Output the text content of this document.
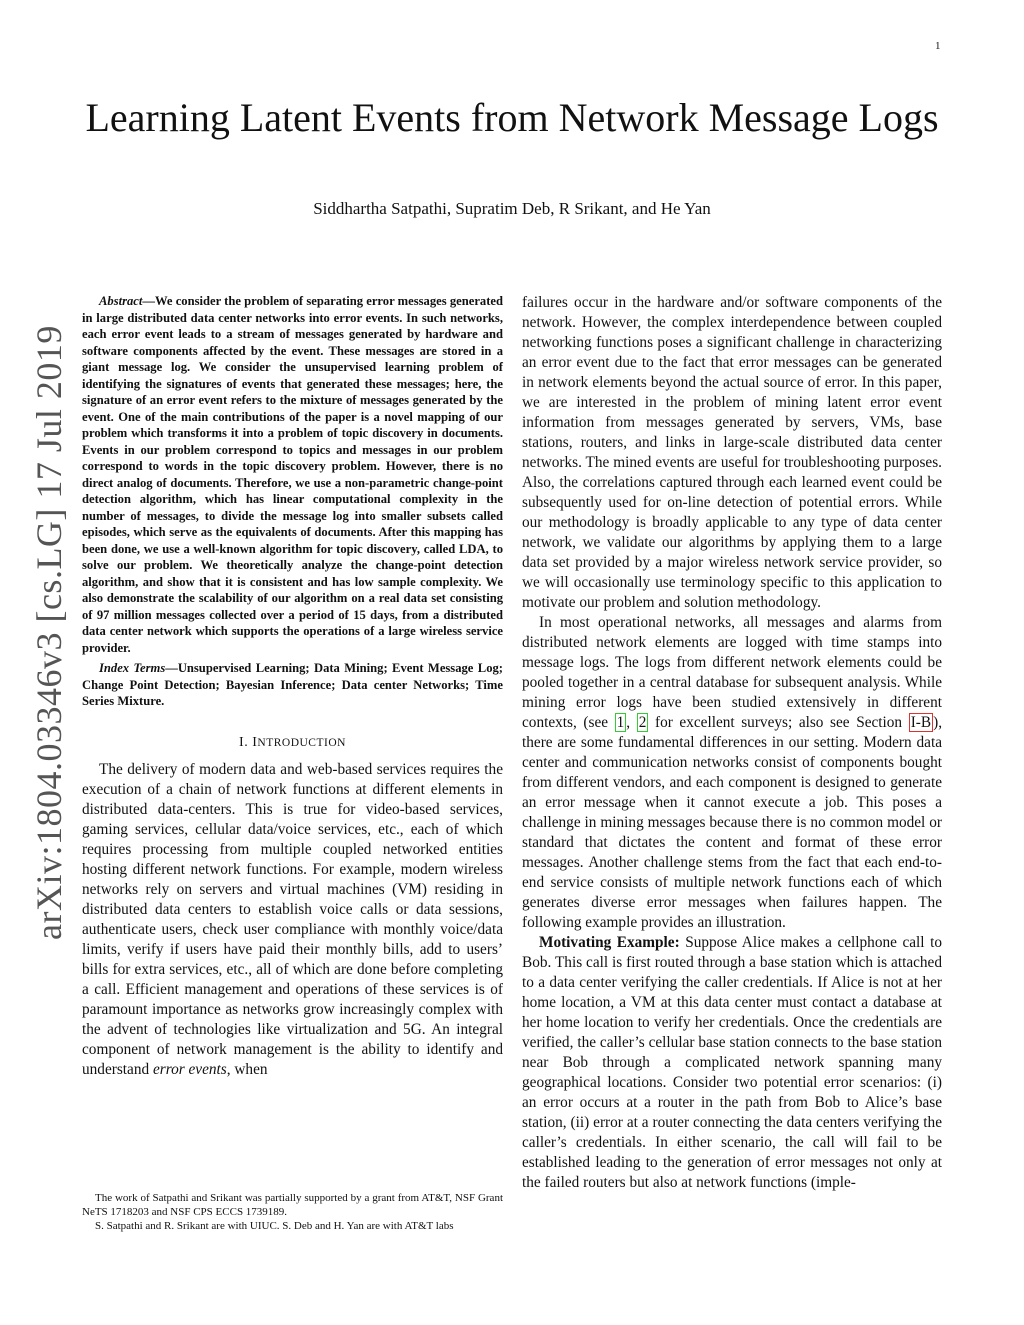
1
arXiv:1804.03346v3 [cs.LG] 17 Jul 2019
Learning Latent Events from Network Message Logs
Siddhartha Satpathi, Supratim Deb, R Srikant, and He Yan

Abstract—We consider the problem of separating error messages generated in large distributed data center networks into error events. In such networks, each error event leads to a stream of messages generated by hardware and software components affected by the event. These messages are stored in a giant message log. We consider the unsupervised learning problem of identifying the signatures of events that generated these messages; here, the signature of an error event refers to the mixture of messages generated by the event. One of the main contributions of the paper is a novel mapping of our problem which transforms it into a problem of topic discovery in documents. Events in our problem correspond to topics and messages in our problem correspond to words in the topic discovery problem. However, there is no direct analog of documents. Therefore, we use a non-parametric change-point detection algorithm, which has linear computational complexity in the number of messages, to divide the message log into smaller subsets called episodes, which serve as the equivalents of documents. After this mapping has been done, we use a well-known algorithm for topic discovery, called LDA, to solve our problem. We theoretically analyze the change-point detection algorithm, and show that it is consistent and has low sample complexity. We also demonstrate the scalability of our algorithm on a real data set consisting of 97 million messages collected over a period of 15 days, from a distributed data center network which supports the operations of a large wireless service provider.

Index Terms—Unsupervised Learning; Data Mining; Event Message Log; Change Point Detection; Bayesian Inference; Data center Networks; Time Series Mixture.

I. INTRODUCTION

The delivery of modern data and web-based services requires the execution of a chain of network functions at different elements in distributed data-centers. This is true for video-based services, gaming services, cellular data/voice services, etc., each of which requires processing from multiple coupled networked entities hosting different network functions. For example, modern wireless networks rely on servers and virtual machines (VM) residing in distributed data centers to establish voice calls or data sessions, authenticate users, check user compliance with monthly voice/data limits, verify if users have paid their monthly bills, add to users’ bills for extra services, etc., all of which are done before completing a call. Efficient management and operations of these services is of paramount importance as networks grow increasingly complex with the advent of technologies like virtualization and 5G. An integral component of network management is the ability to identify and understand error events, when

The work of Satpathi and Srikant was partially supported by a grant from AT&T, NSF Grant NeTS 1718203 and NSF CPS ECCS 1739189.

S. Satpathi and R. Srikant are with UIUC. S. Deb and H. Yan are with AT&T labs

failures occur in the hardware and/or software components of the network. However, the complex interdependence between coupled networking functions poses a significant challenge in characterizing an error event due to the fact that error messages can be generated in network elements beyond the actual source of error. In this paper, we are interested in the problem of mining latent error event information from messages generated by servers, VMs, base stations, routers, and links in large-scale distributed data center networks. The mined events are useful for troubleshooting purposes. Also, the correlations captured through each learned event could be subsequently used for on-line detection of potential errors. While our methodology is broadly applicable to any type of data center network, we validate our algorithms by applying them to a large data set provided by a major wireless network service provider, so we will occasionally use terminology specific to this application to motivate our problem and solution methodology.

In most operational networks, all messages and alarms from distributed network elements are logged with time stamps into message logs. The logs from different network elements could be pooled together in a central database for subsequent analysis. While mining error logs have been studied extensively in different contexts, (see 1 , 2 for excellent surveys; also see Section I-B ), there are some fundamental differences in our setting. Modern data center and communication networks consist of components bought from different vendors, and each component is designed to generate an error message when it cannot execute a job. This poses a challenge in mining messages because there is no common model or standard that dictates the content and format of these error messages. Another challenge stems from the fact that each end-to-end service consists of multiple network functions each of which generates diverse error messages when failures happen. The following example provides an illustration.

Motivating Example: Suppose Alice makes a cellphone call to Bob. This call is first routed through a base station which is attached to a data center verifying the caller credentials. If Alice is not at her home location, a VM at this data center must contact a database at her home location to verify her credentials. Once the credentials are verified, the caller’s cellular base station connects to the base station near Bob through a complicated network spanning many geographical locations. Consider two potential error scenarios: (i) an error occurs at a router in the path from Bob to Alice’s base station, (ii) error at a router connecting the data centers verifying the caller’s credentials. In either scenario, the call will fail to be established leading to the generation of error messages not only at the failed routers but also at network functions (imple-
